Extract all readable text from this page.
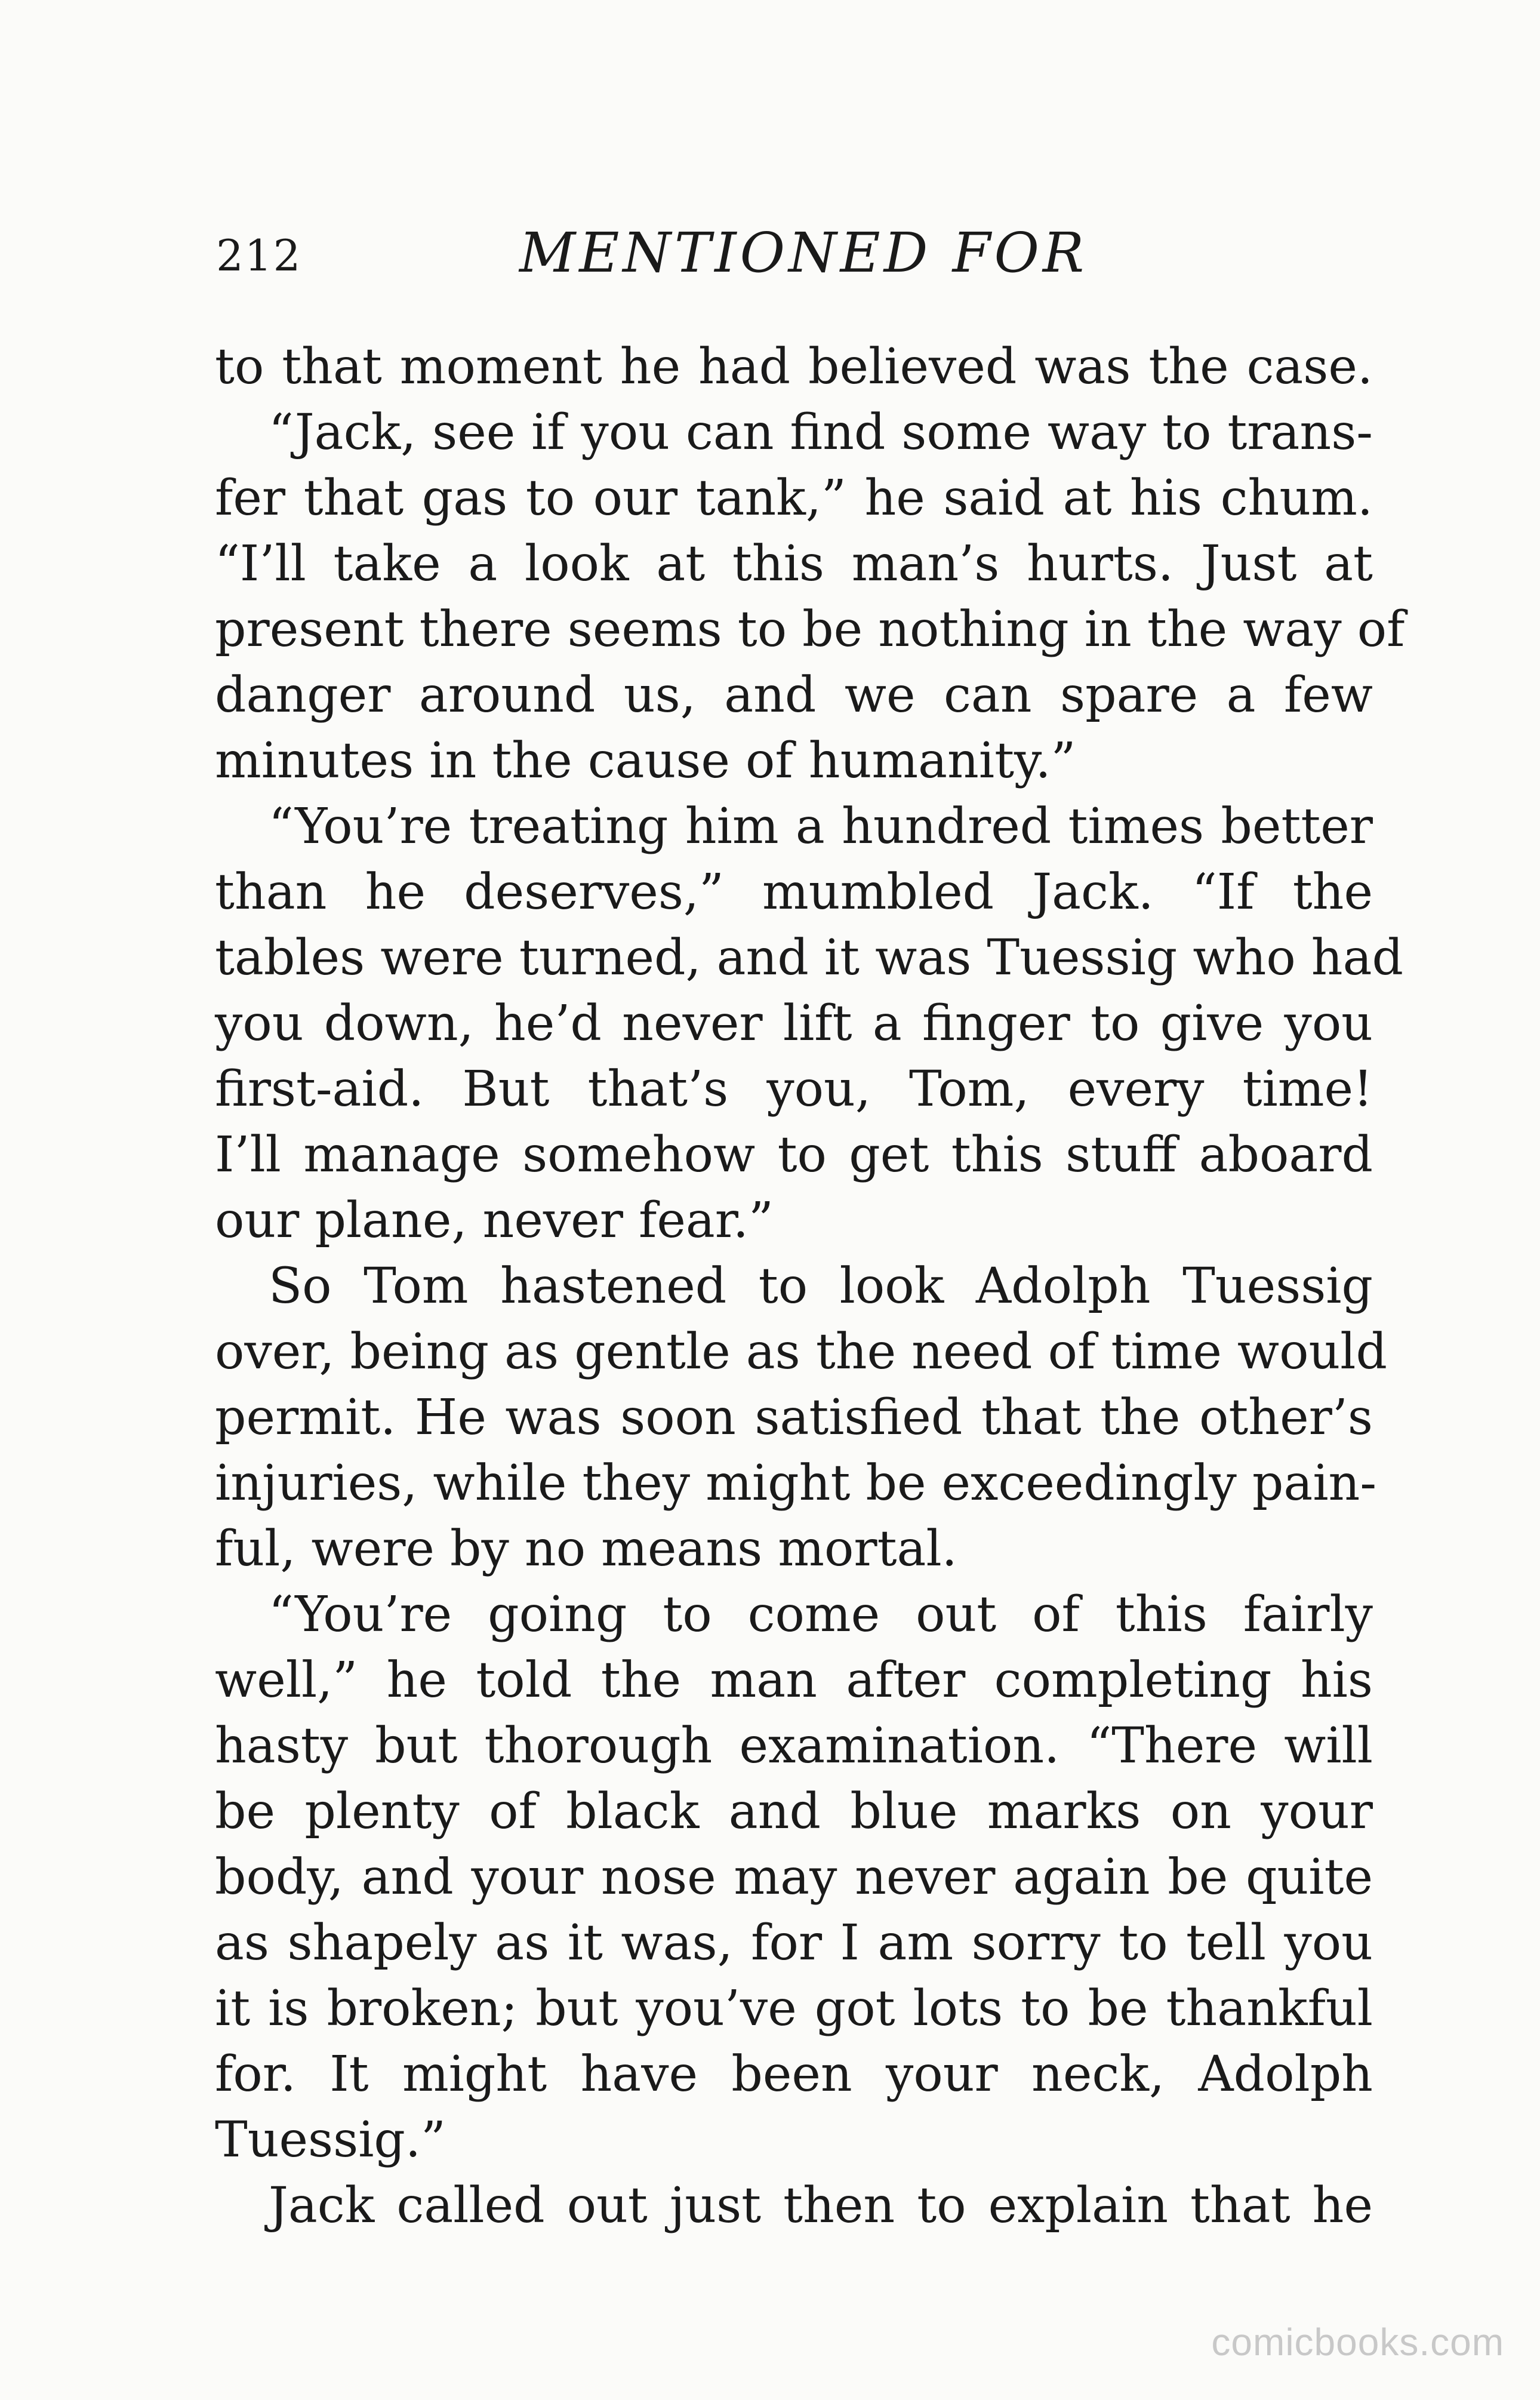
212	MENTIONED FOR
to that moment he had believed was the case.
“Jack, see if you can find some way to trans-
fer that gas to our tank,” he said at his chum.
“I’ll take a look at this man’s hurts. Just at
present there seems to be nothing in the way of
danger around us, and we can spare a few
minutes in the cause of humanity.”
“You’re treating him a hundred times better
than he deserves,” mumbled Jack. “If the
tables were turned, and it was Tuessig who had
you down, he’d never lift a finger to give you
first-aid. But that’s you, Tom, every time!
I’ll manage somehow to get this stuff aboard
our plane, never fear.”
So Tom hastened to look Adolph Tuessig
over, being as gentle as the need of time would
permit. He was soon satisfied that the other’s
injuries, while they might be exceedingly pain-
ful, were by no means mortal.
“You’re going to come out of this fairly
well,” he told the man after completing his
hasty but thorough examination. “There will
be plenty of black and blue marks on your
body, and your nose may never again be quite
as shapely as it was, for I am sorry to tell you
it is broken; but you’ve got lots to be thankful
for. It might have been your neck, Adolph
Tuessig.”
Jack called out just then to explain that he
comicbooks.com
